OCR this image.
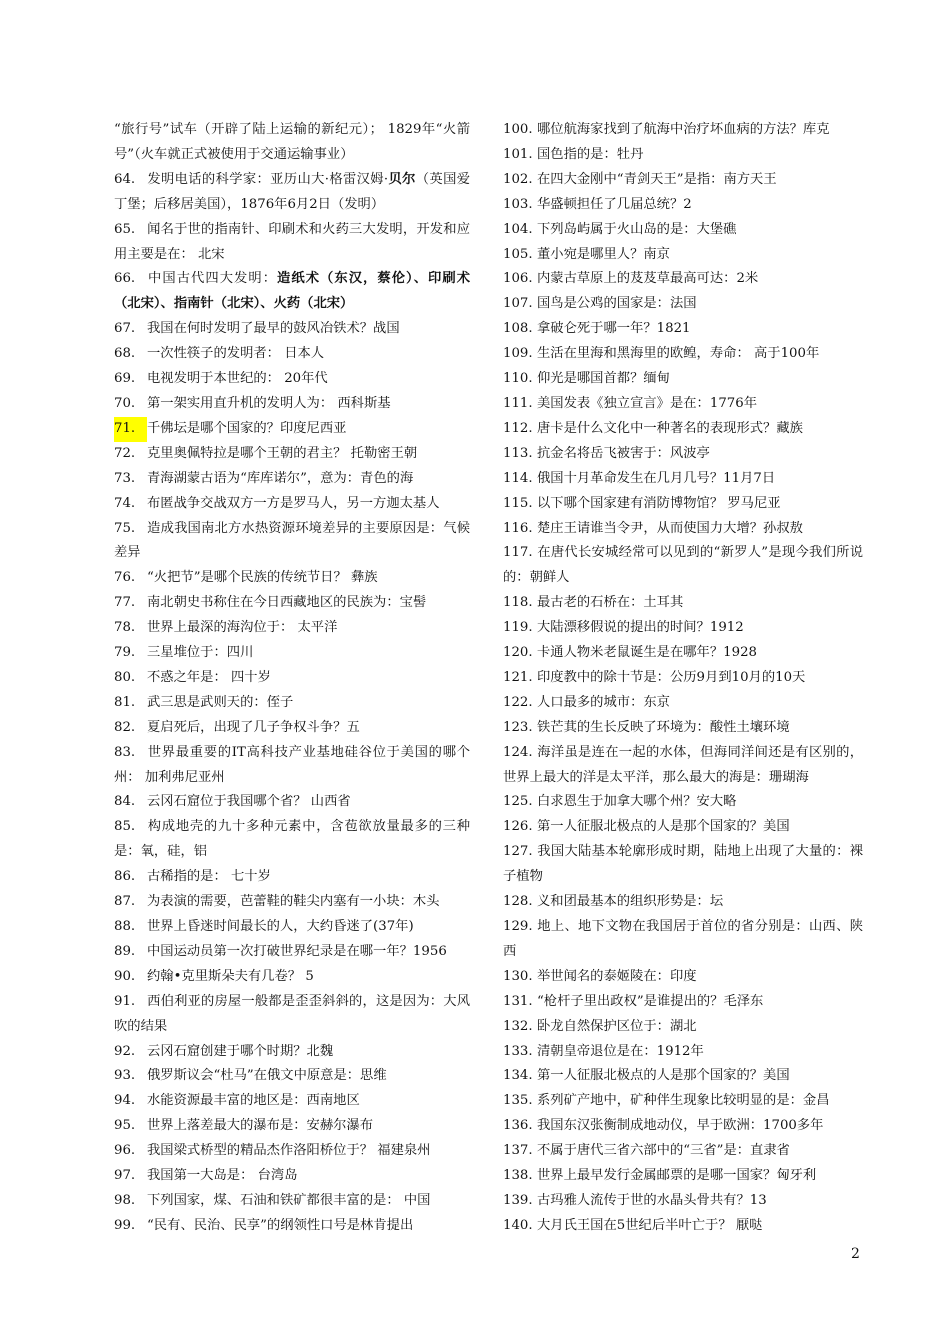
“旅行号”试车（开辟了陆上运输的新纪元）； 1829年“火箭号”（火车就正式被使用于交通运输事业）

64. 发明电话的科学家：亚历山大·格雷汉姆·贝尔（英国爱丁堡；后移居美国），1876年6月2日（发明）

65. 闻名于世的指南针、印刷术和火药三大发明，开发和应用主要是在： 北宋

66. 中国古代四大发明：造纸术（东汉，蔡伦）、印刷术（北宋）、指南针（北宋）、火药（北宋）

67. 我国在何时发明了最早的鼓风冶铁术？战国

68. 一次性筷子的发明者： 日本人

69. 电视发明于本世纪的： 20年代

70. 第一架实用直升机的发明人为： 西科斯基

71. 千佛坛是哪个国家的？印度尼西亚

72. 克里奥佩特拉是哪个王朝的君主？ 托勒密王朝

73. 青海湖蒙古语为“库库诺尔”，意为：青色的海

74. 布匿战争交战双方一方是罗马人，另一方迦太基人

75. 造成我国南北方水热资源环境差异的主要原因是：气候差异

76. “火把节”是哪个民族的传统节日？ 彝族

77. 南北朝史书称住在今日西藏地区的民族为：宝髻

78. 世界上最深的海沟位于： 太平洋

79. 三星堆位于：四川

80. 不惑之年是： 四十岁

81. 武三思是武则天的：侄子

82. 夏启死后，出现了几子争权斗争？五

83. 世界最重要的IT高科技产业基地硅谷位于美国的哪个州： 加利弗尼亚州

84. 云冈石窟位于我国哪个省？ 山西省

85. 构成地壳的九十多种元素中，含苞欲放量最多的三种是：氧，硅，铝

86. 古稀指的是： 七十岁

87. 为表演的需要，芭蕾鞋的鞋尖内塞有一小块：木头

88. 世界上昏迷时间最长的人，大约昏迷了(37年)

89. 中国运动员第一次打破世界纪录是在哪一年？1956

90. 约翰•克里斯朵夫有几卷？ 5

91. 西伯利亚的房屋一般都是歪歪斜斜的，这是因为：大风吹的结果

92. 云冈石窟创建于哪个时期？北魏

93. 俄罗斯议会“杜马”在俄文中原意是：思维

94. 水能资源最丰富的地区是：西南地区

95. 世界上落差最大的瀑布是：安赫尔瀑布

96. 我国梁式桥型的精品杰作洛阳桥位于？ 福建泉州

97. 我国第一大岛是： 台湾岛

98. 下列国家，煤、石油和铁矿都很丰富的是： 中国

99. “民有、民治、民享”的纲领性口号是林肯提出

100. 哪位航海家找到了航海中治疗坏血病的方法？库克

101. 国色指的是：牡丹

102. 在四大金刚中“青剑天王”是指：南方天王

103. 华盛顿担任了几届总统？2

104. 下列岛屿属于火山岛的是：大堡礁

105. 董小宛是哪里人？南京

106. 内蒙古草原上的芨芨草最高可达：2米

107. 国鸟是公鸡的国家是：法国

108. 拿破仑死于哪一年？1821

109. 生活在里海和黑海里的欧鳇，寿命： 高于100年

110. 仰光是哪国首都？缅甸

111. 美国发表《独立宣言》是在：1776年

112. 唐卡是什么文化中一种著名的表现形式？藏族

113. 抗金名将岳飞被害于：风波亭

114. 俄国十月革命发生在几月几号？11月7日

115. 以下哪个国家建有消防博物馆？ 罗马尼亚

116. 楚庄王请谁当令尹，从而使国力大增？孙叔敖

117. 在唐代长安城经常可以见到的“新罗人”是现今我们所说的：朝鲜人

118. 最古老的石桥在：土耳其

119. 大陆漂移假说的提出的时间？1912

120. 卡通人物米老鼠诞生是在哪年？1928

121. 印度教中的除十节是：公历9月到10月的10天

122. 人口最多的城市：东京

123. 铁芒萁的生长反映了环境为：酸性土壤环境

124. 海洋虽是连在一起的水体，但海同洋间还是有区别的，世界上最大的洋是太平洋，那么最大的海是：珊瑚海

125. 白求恩生于加拿大哪个州？安大略

126. 第一人征服北极点的人是那个国家的？美国

127. 我国大陆基本轮廓形成时期，陆地上出现了大量的：裸子植物

128. 义和团最基本的组织形势是：坛

129. 地上、地下文物在我国居于首位的省分别是：山西、陕西

130. 举世闻名的泰姬陵在：印度

131. “枪杆子里出政权”是谁提出的？毛泽东

132. 卧龙自然保护区位于：湖北

133. 清朝皇帝退位是在：1912年

134. 第一人征服北极点的人是那个国家的？美国

135. 系列矿产地中，矿种伴生现象比较明显的是：金昌

136. 我国东汉张衡制成地动仪，早于欧洲：1700多年

137. 不属于唐代三省六部中的“三省”是：直隶省

138. 世界上最早发行金属邮票的是哪一国家？匈牙利

139. 古玛雅人流传于世的水晶头骨共有？13

140. 大月氏王国在5世纪后半叶亡于？ 厭哒

2
